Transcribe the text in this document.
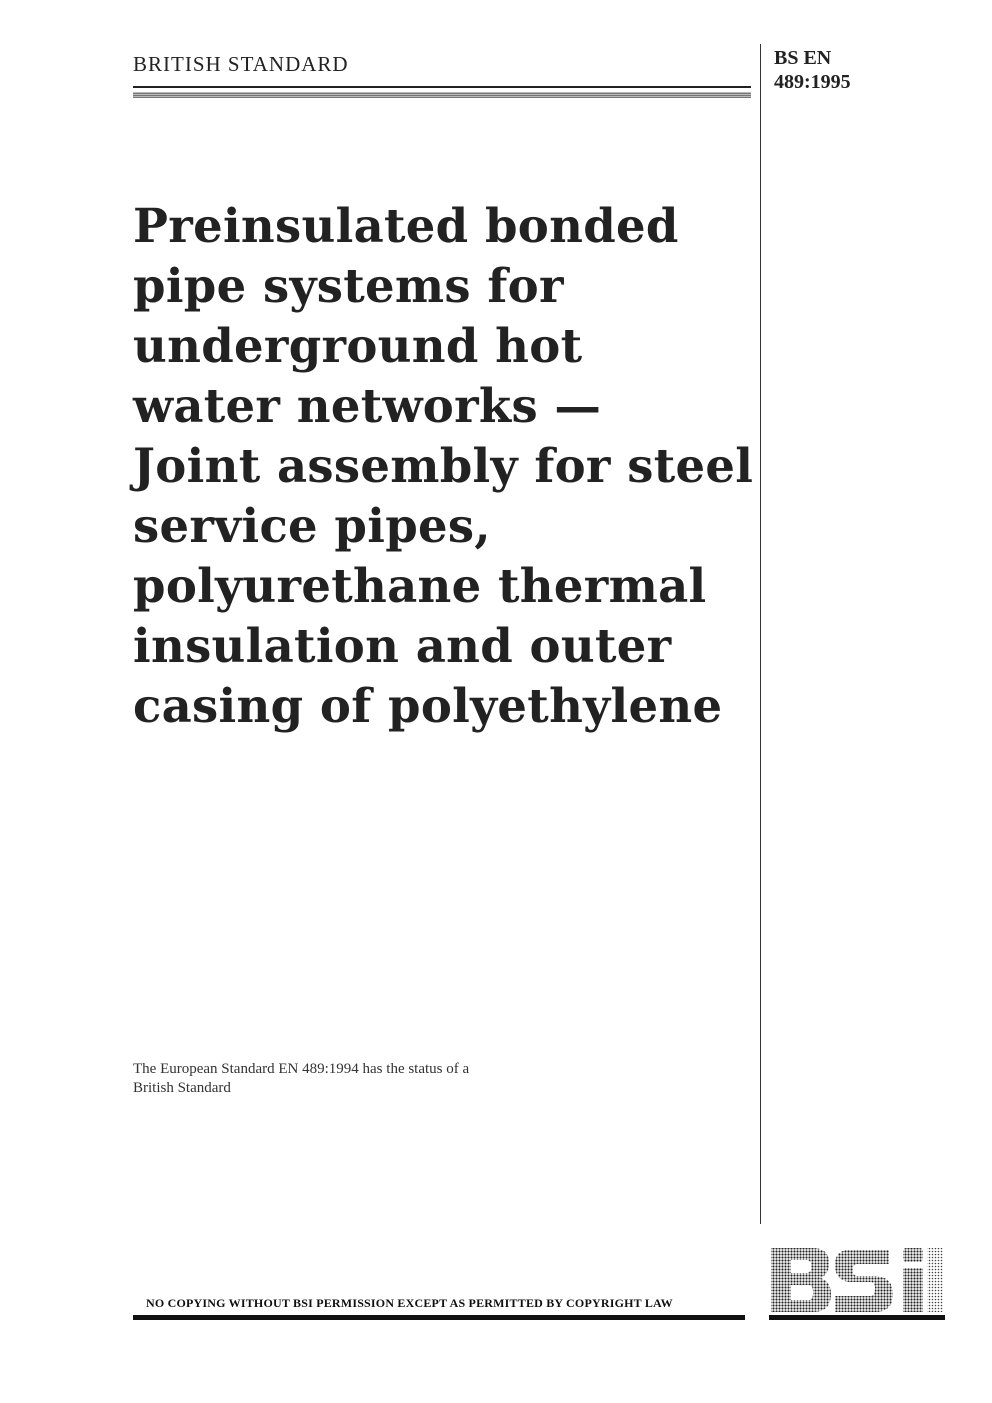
BRITISH STANDARD	BS EN
489:1995
Preinsulated bonded
pipe systems for
underground hot
water networks —
Joint assembly for steel
service pipes,
polyurethane thermal
insulation and outer
casing of polyethylene
The European Standard EN 489:1994 has the status of a
British Standard
NO COPYING WITHOUT BSI PERMISSION EXCEPT AS PERMITTED BY COPYRIGHT LAW
